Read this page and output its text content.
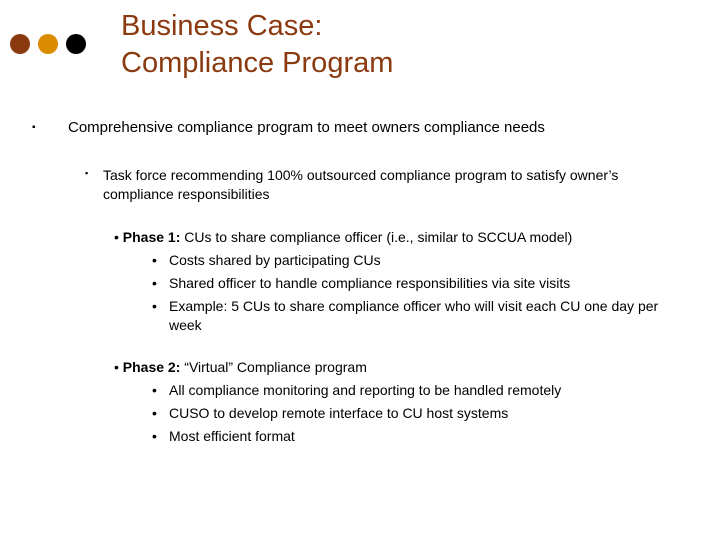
Business Case:
Compliance Program
▪ Comprehensive compliance program to meet owners compliance needs
▪ Task force recommending 100% outsourced compliance program to satisfy owner’s compliance responsibilities
• Phase 1: CUs to share compliance officer (i.e., similar to SCCUA model)
• Costs shared by participating CUs
• Shared officer to handle compliance responsibilities via site visits
• Example: 5 CUs to share compliance officer who will visit each CU one day per week
• Phase 2: “Virtual” Compliance program
• All compliance monitoring and reporting to be handled remotely
• CUSO to develop remote interface to CU host systems
• Most efficient format
